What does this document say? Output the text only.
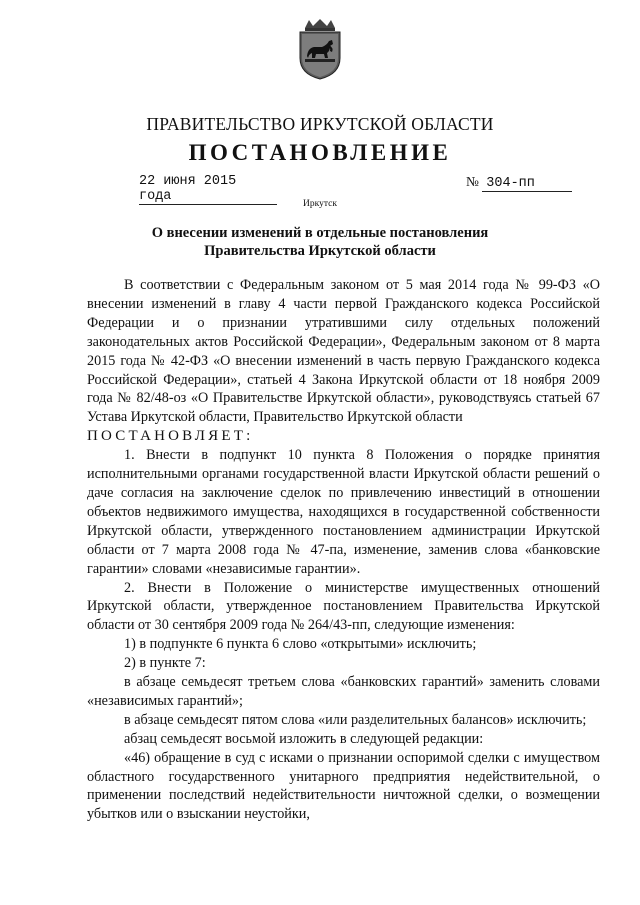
ПРАВИТЕЛЬСТВО ИРКУТСКОЙ ОБЛАСТИ
ПОСТАНОВЛЕНИЕ
22 июня 2015 года
№ 304-пп
Иркутск
О внесении изменений в отдельные постановления
Правительства Иркутской области

В соответствии с Федеральным законом от 5 мая 2014 года № 99-ФЗ «О внесении изменений в главу 4 части первой Гражданского кодекса Российской Федерации и о признании утратившими силу отдельных положений законодательных актов Российской Федерации», Федеральным законом от 8 марта 2015 года № 42-ФЗ «О внесении изменений в часть первую Гражданского кодекса Российской Федерации», статьей 4 Закона Иркутской области от 18 ноября 2009 года № 82/48-оз «О Правительстве Иркутской области», руководствуясь статьей 67 Устава Иркутской области, Правительство Иркутской области

ПОСТАНОВЛЯЕТ:

1. Внести в подпункт 10 пункта 8 Положения о порядке принятия исполнительными органами государственной власти Иркутской области решений о даче согласия на заключение сделок по привлечению инвестиций в отношении объектов недвижимого имущества, находящихся в государственной собственности Иркутской области, утвержденного постановлением администрации Иркутской области от 7 марта 2008 года № 47-па, изменение, заменив слова «банковские гарантии» словами «независимые гарантии».

2. Внести в Положение о министерстве имущественных отношений Иркутской области, утвержденное постановлением Правительства Иркутской области от 30 сентября 2009 года № 264/43-пп, следующие изменения:

1) в подпункте 6 пункта 6 слово «открытыми» исключить;

2) в пункте 7:

в абзаце семьдесят третьем слова «банковских гарантий» заменить словами «независимых гарантий»;

в абзаце семьдесят пятом слова «или разделительных балансов» исключить;

абзац семьдесят восьмой изложить в следующей редакции:

«46) обращение в суд с исками о признании оспоримой сделки с имуществом областного государственного унитарного предприятия недействительной, о применении последствий недействительности ничтожной сделки, о возмещении убытков или о взыскании неустойки,
